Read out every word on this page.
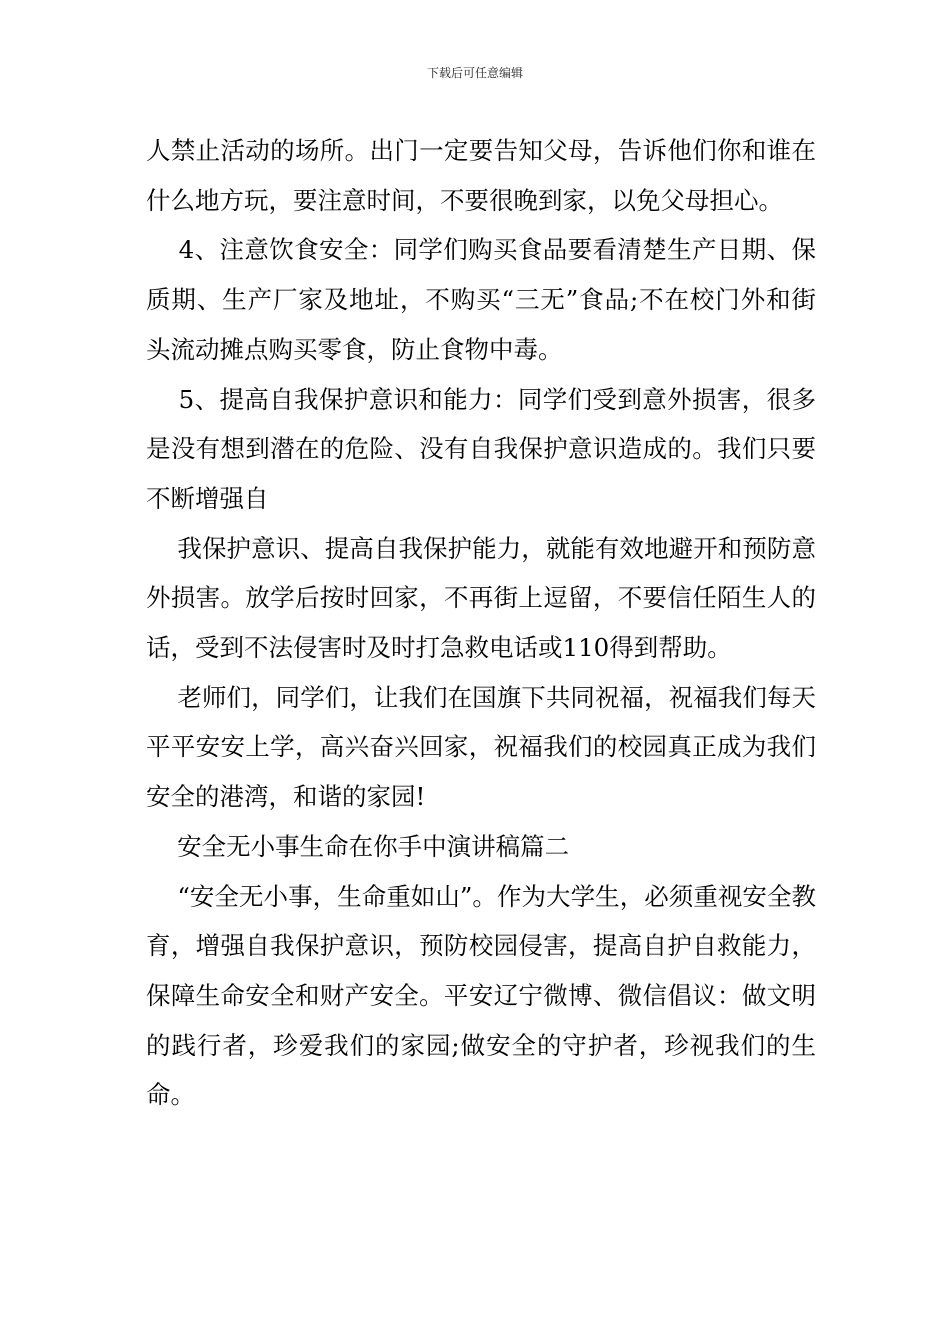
下载后可任意编辑

人禁止活动的场所。出门一定要告知父母，告诉他们你和谁在什么地方玩，要注意时间，不要很晚到家，以免父母担心。

4、注意饮食安全：同学们购买食品要看清楚生产日期、保质期、生产厂家及地址，不购买“三无”食品;不在校门外和街头流动摊点购买零食，防止食物中毒。

5、提高自我保护意识和能力：同学们受到意外损害，很多是没有想到潜在的危险、没有自我保护意识造成的。我们只要不断增强自

我保护意识、提高自我保护能力，就能有效地避开和预防意外损害。放学后按时回家，不再街上逗留，不要信任陌生人的话，受到不法侵害时及时打急救电话或110得到帮助。

老师们，同学们，让我们在国旗下共同祝福，祝福我们每天平平安安上学，高兴奋兴回家，祝福我们的校园真正成为我们安全的港湾，和谐的家园!

安全无小事生命在你手中演讲稿篇二

“安全无小事，生命重如山”。作为大学生，必须重视安全教育，增强自我保护意识，预防校园侵害，提高自护自救能力，保障生命安全和财产安全。平安辽宁微博、微信倡议：做文明的践行者，珍爱我们的家园;做安全的守护者，珍视我们的生命。
